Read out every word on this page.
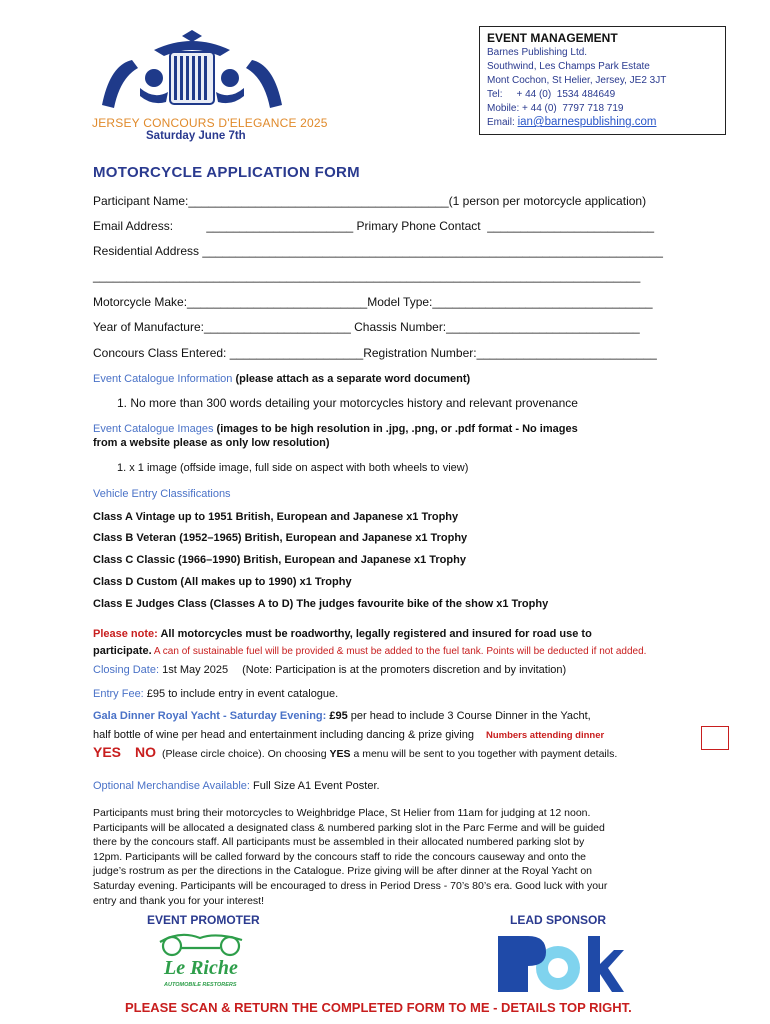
JERSEY CONCOURS D'ELEGANCE 2025
Saturday June 7th
EVENT MANAGEMENT
Barnes Publishing Ltd.
Southwind, Les Champs Park Estate
Mont Cochon, St Helier, Jersey, JE2 3JT
Tel:     + 44 (0)  1534 484649
Mobile: + 44 (0)  7797 718 719
Email: ian@barnespublishing.com
MOTORCYCLE APPLICATION FORM
Participant Name:_______________________________________(1 person per motorcycle application)
Email Address:          ______________________ Primary Phone Contact  _________________________
Residential Address _____________________________________________________________________
__________________________________________________________________________________
Motorcycle Make:___________________________Model Type:_________________________________
Year of Manufacture:______________________ Chassis Number:_____________________________
Concours Class Entered: ____________________Registration Number:___________________________
Event Catalogue Information (please attach as a separate word document)
1. No more than 300 words detailing your motorcycles history and relevant provenance
Event Catalogue Images (images to be high resolution in .jpg, .png, or .pdf format - No images
from a website please as only low resolution)
1. x 1 image (offside image, full side on aspect with both wheels to view)
Vehicle Entry Classifications
Class A Vintage up to 1951 British, European and Japanese x1 Trophy
Class B Veteran (1952–1965) British, European and Japanese x1 Trophy
Class C Classic (1966–1990) British, European and Japanese x1 Trophy
Class D Custom (All makes up to 1990) x1 Trophy
Class E Judges Class (Classes A to D) The judges favourite bike of the show x1 Trophy
Please note: All motorcycles must be roadworthy, legally registered and insured for road use to
participate. A can of sustainable fuel will be provided & must be added to the fuel tank. Points will be deducted if not added.
Closing Date: 1st May 2025 (Note: Participation is at the promoters discretion and by invitation)
Entry Fee: £95 to include entry in event catalogue.
Gala Dinner Royal Yacht - Saturday Evening: £95 per head to include 3 Course Dinner in the Yacht,
half bottle of wine per head and entertainment including dancing & prize giving Numbers attending dinner
YES NO (Please circle choice). On choosing YES a menu will be sent to you together with payment details.
Optional Merchandise Available: Full Size A1 Event Poster.
Participants must bring their motorcycles to Weighbridge Place, St Helier from 11am for judging at 12 noon.
Participants will be allocated a designated class & numbered parking slot in the Parc Ferme and will be guided
there by the concours staff. All participants must be assembled in their allocated numbered parking slot by
12pm. Participants will be called forward by the concours staff to ride the concours causeway and onto the
judge’s rostrum as per the directions in the Catalogue. Prize giving will be after dinner at the Royal Yacht on
Saturday evening. Participants will be encouraged to dress in Period Dress - 70’s 80’s era. Good luck with your
entry and thank you for your interest!
EVENT PROMOTER	LEAD SPONSOR
Le Riche
AUTOMOBILE RESTORERS
PLEASE SCAN & RETURN THE COMPLETED FORM TO ME - DETAILS TOP RIGHT.
